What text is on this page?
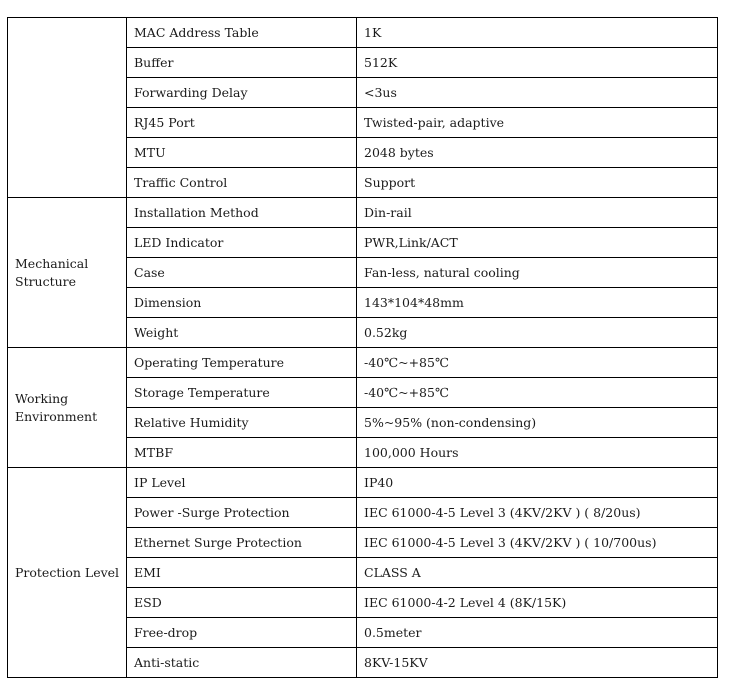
	MAC Address Table	1K
	Buffer	512K
	Forwarding Delay	<3us
	RJ45 Port	Twisted-pair, adaptive
	MTU	2048 bytes
	Traffic Control	Support
Mechanical Structure	Installation Method	Din-rail
	LED Indicator	PWR,Link/ACT
	Case	Fan-less, natural cooling
	Dimension	143*104*48mm
	Weight	0.52kg
Working Environment	Operating Temperature	-40℃~+85℃
	Storage Temperature	-40℃~+85℃
	Relative Humidity	5%~95% (non-condensing)
	MTBF	100,000 Hours
Protection Level	IP Level	IP40
	Power -Surge Protection	IEC 61000-4-5 Level 3 (4KV/2KV ) ( 8/20us)
	Ethernet Surge Protection	IEC 61000-4-5 Level 3 (4KV/2KV ) ( 10/700us)
	EMI	CLASS A
	ESD	IEC 61000-4-2 Level 4 (8K/15K)
	Free-drop	0.5meter
	Anti-static	8KV-15KV
